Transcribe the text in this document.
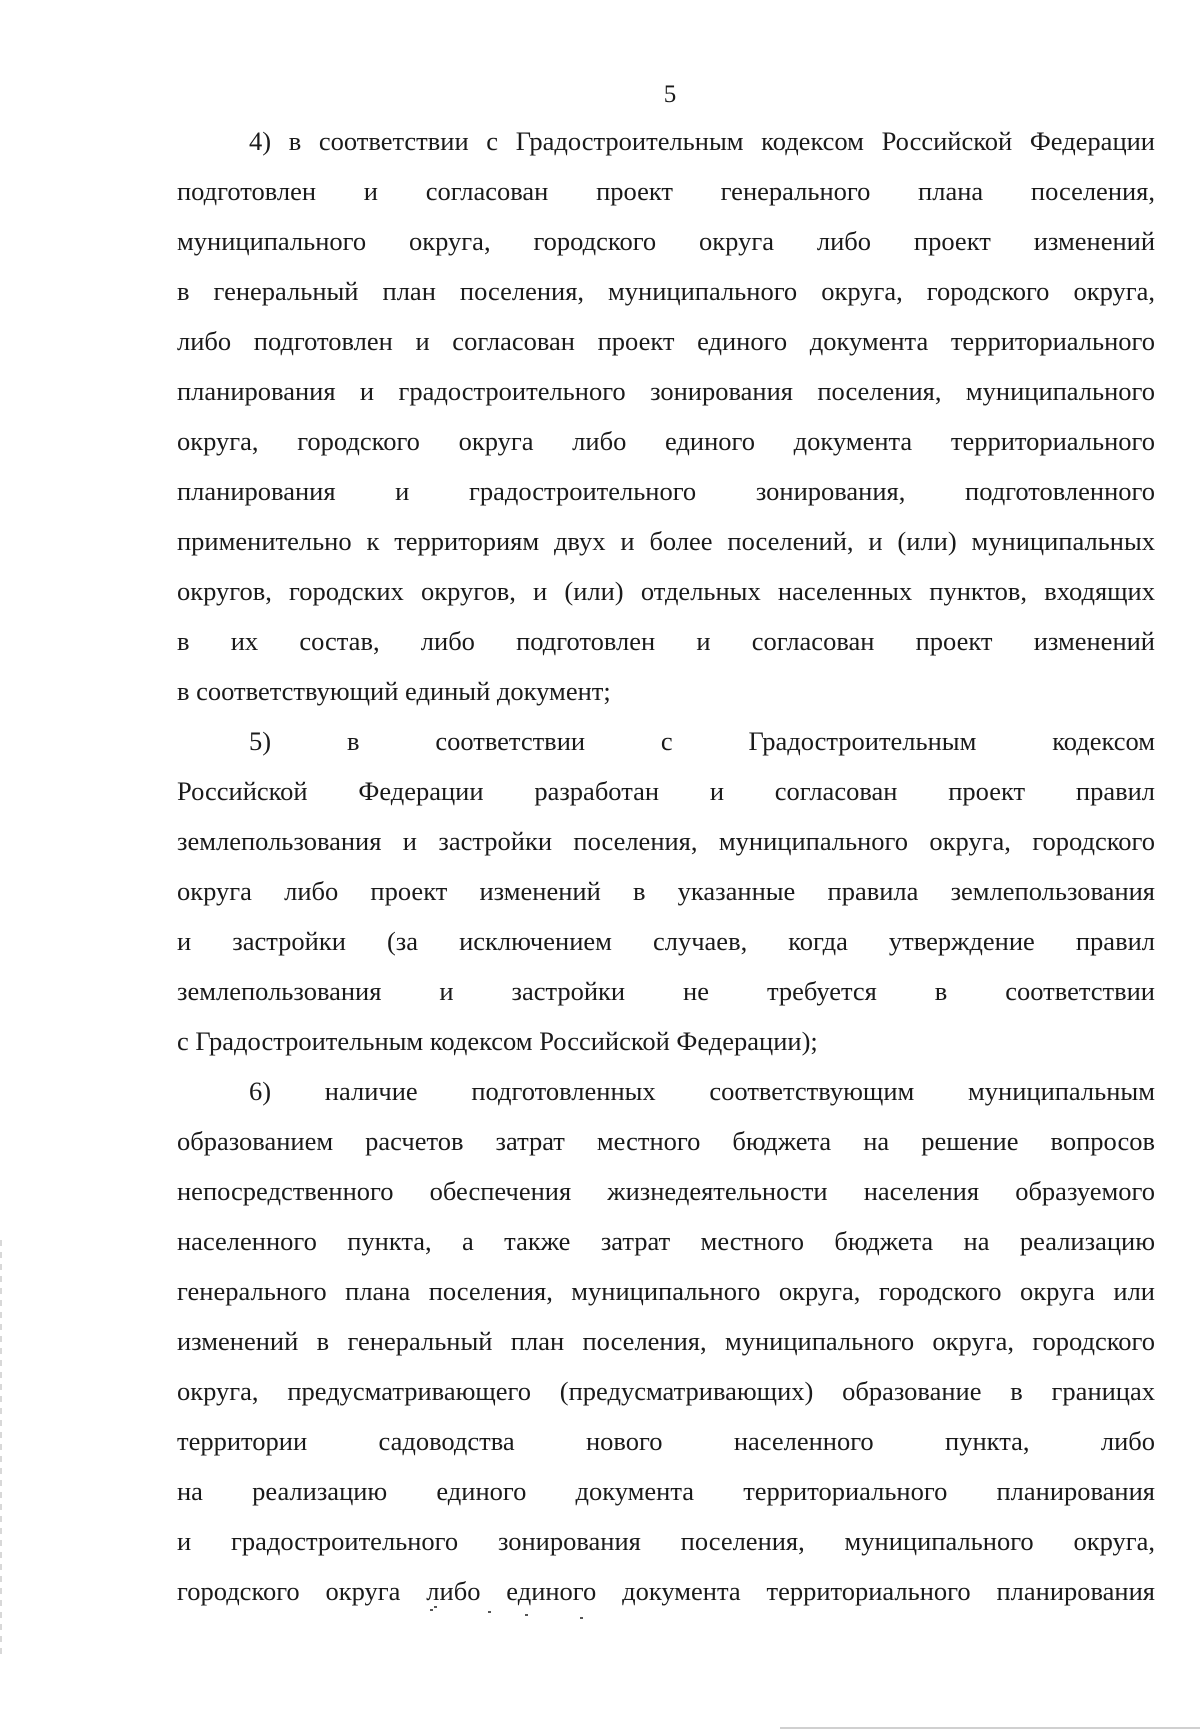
5

4) в соответствии с Градостроительным кодексом Российской Федерации
подготовлен и согласован проект генерального плана поселения,
муниципального округа, городского округа либо проект изменений
в генеральный план поселения, муниципального округа, городского округа,
либо подготовлен и согласован проект единого документа территориального
планирования и градостроительного зонирования поселения, муниципального
округа, городского округа либо единого документа территориального
планирования и градостроительного зонирования, подготовленного
применительно к территориям двух и более поселений, и (или) муниципальных
округов, городских округов, и (или) отдельных населенных пунктов, входящих
в их состав, либо подготовлен и согласован проект изменений
в соответствующий единый документ;

5) в соответствии с Градостроительным кодексом
Российской Федерации разработан и согласован проект правил
землепользования и застройки поселения, муниципального округа, городского
округа либо проект изменений в указанные правила землепользования
и застройки (за исключением случаев, когда утверждение правил
землепользования и застройки не требуется в соответствии
с Градостроительным кодексом Российской Федерации);

6) наличие подготовленных соответствующим муниципальным
образованием расчетов затрат местного бюджета на решение вопросов
непосредственного обеспечения жизнедеятельности населения образуемого
населенного пункта, а также затрат местного бюджета на реализацию
генерального плана поселения, муниципального округа, городского округа или
изменений в генеральный план поселения, муниципального округа, городского
округа, предусматривающего (предусматривающих) образование в границах
территории садоводства нового населенного пункта, либо
на реализацию единого документа территориального планирования
и градостроительного зонирования поселения, муниципального округа,
городского округа либо единого документа территориального планирования
